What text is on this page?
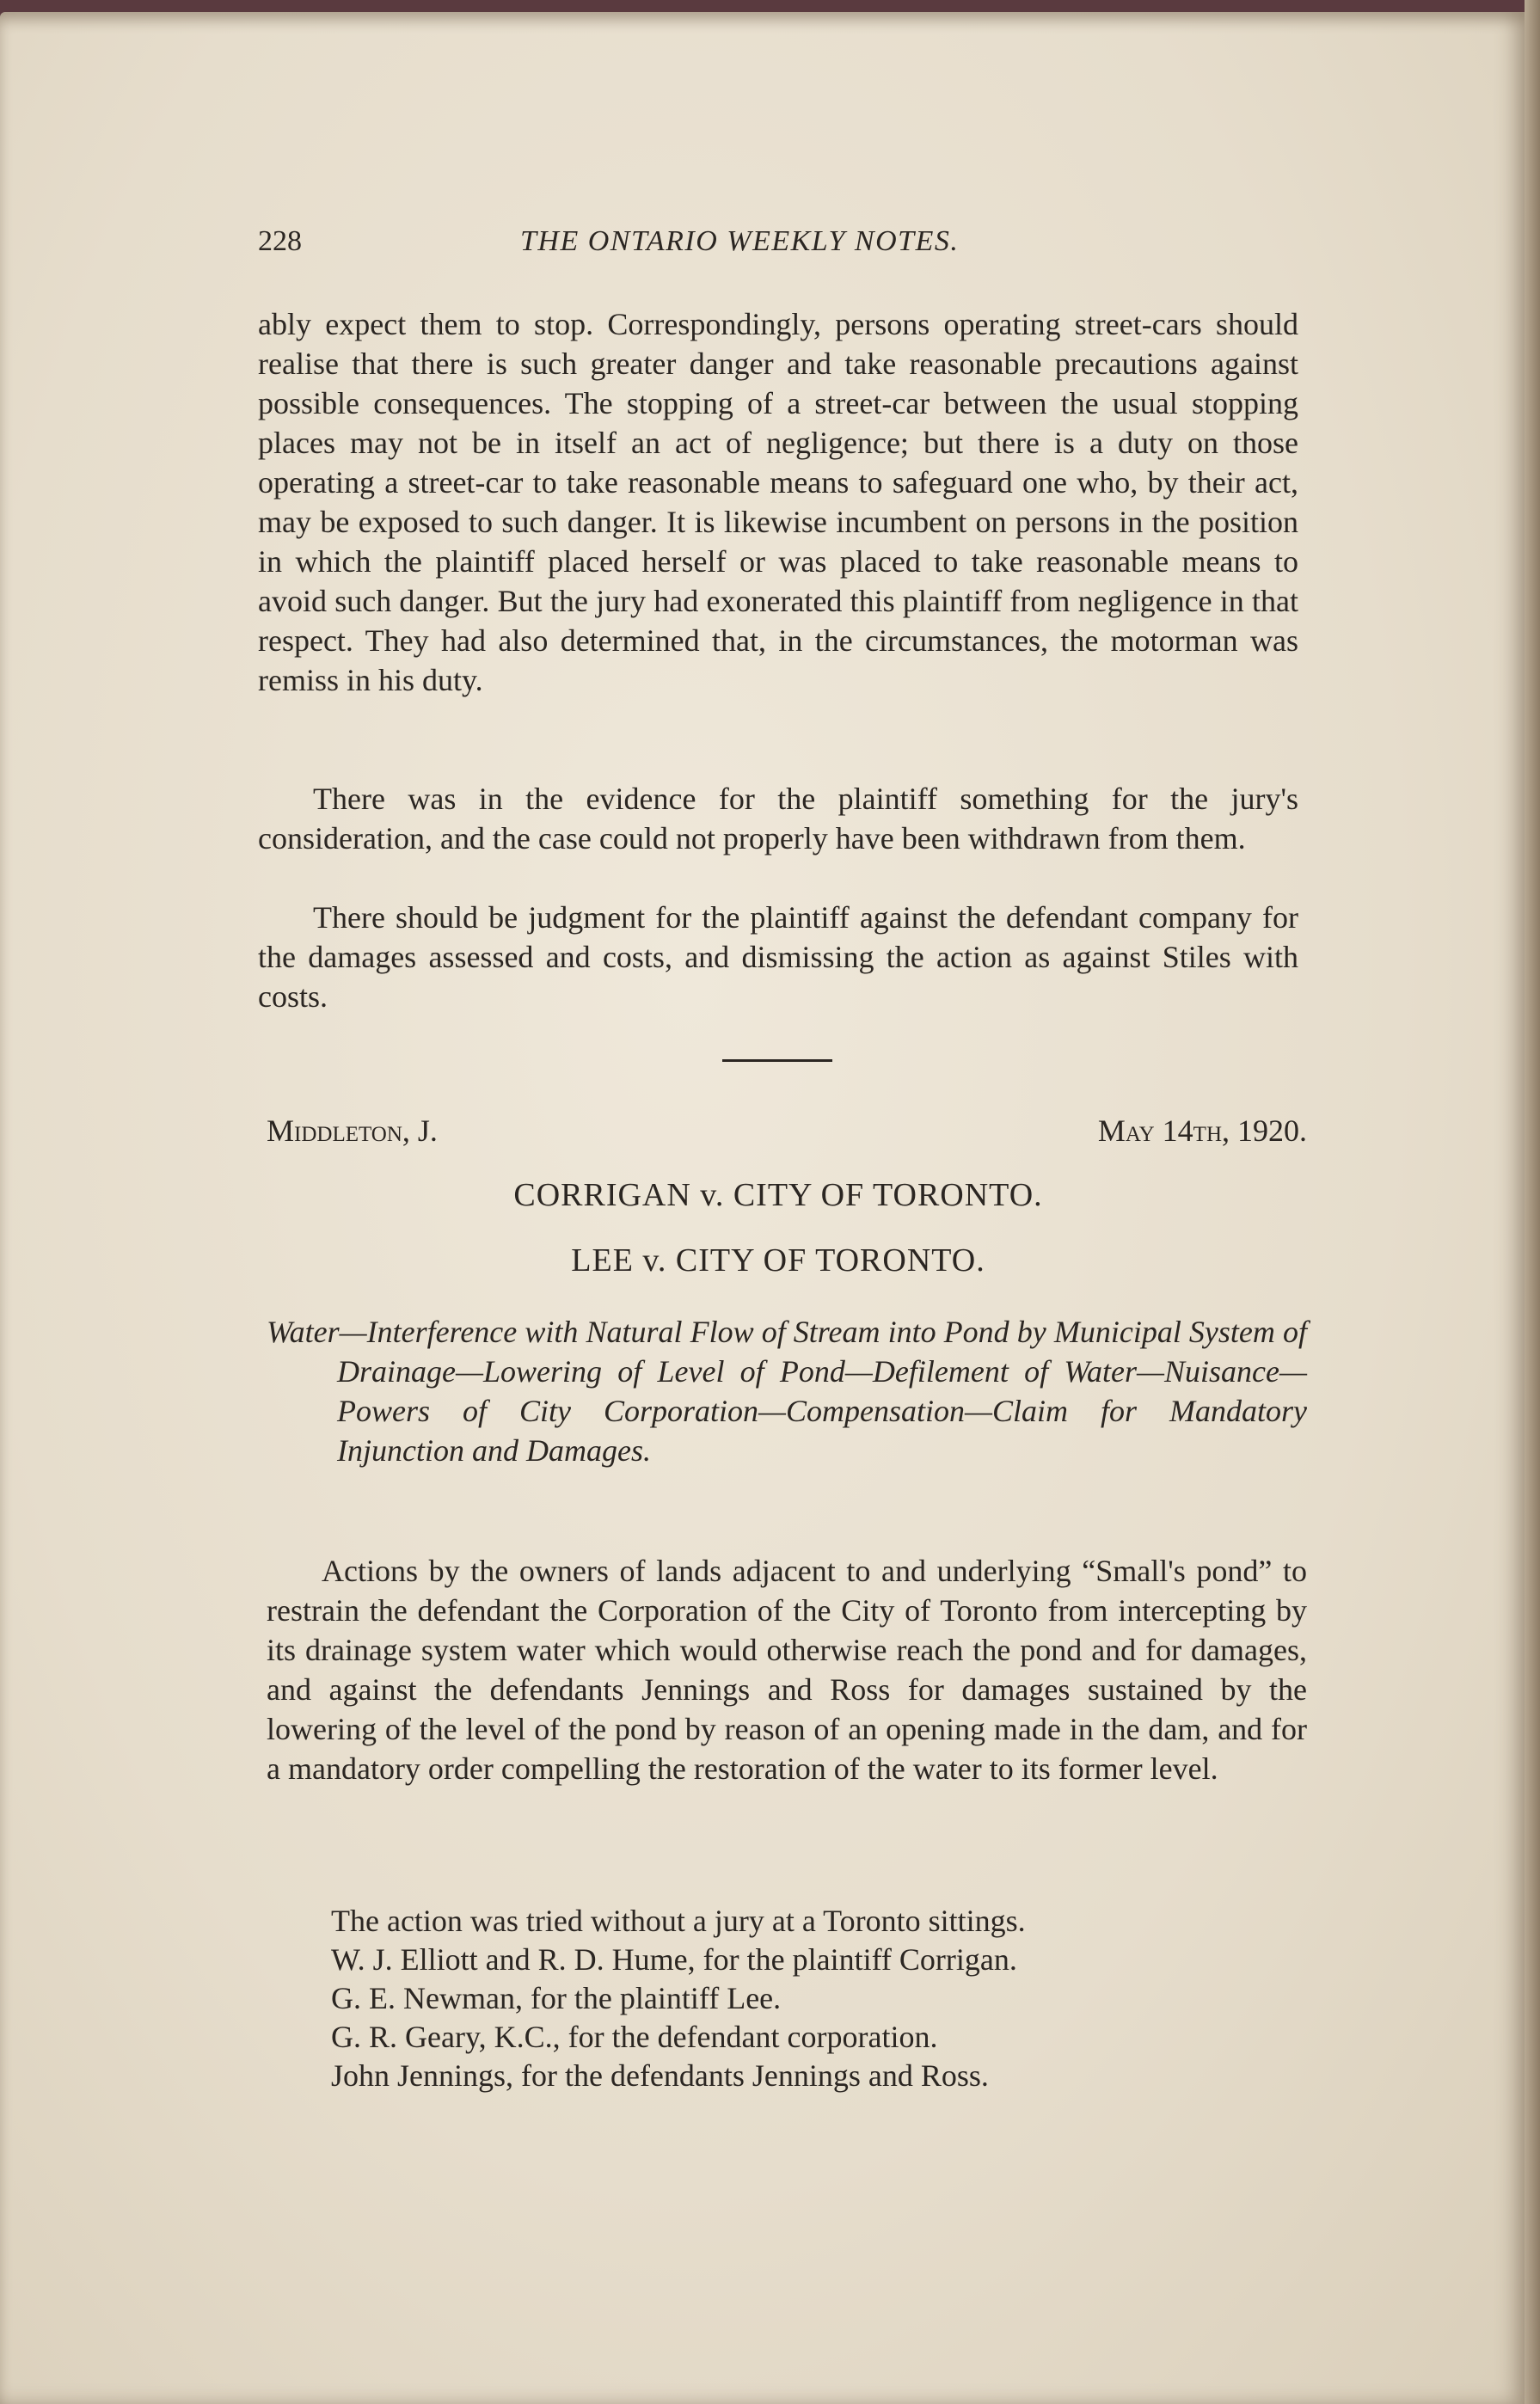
228	THE ONTARIO WEEKLY NOTES.

ably expect them to stop. Correspondingly, persons operating street-cars should realise that there is such greater danger and take reasonable precautions against possible consequences. The stopping of a street-car between the usual stopping places may not be in itself an act of negligence; but there is a duty on those operating a street-car to take reasonable means to safeguard one who, by their act, may be exposed to such danger. It is likewise incumbent on persons in the position in which the plaintiff placed herself or was placed to take reasonable means to avoid such danger. But the jury had exonerated this plaintiff from negligence in that respect. They had also determined that, in the circumstances, the motorman was remiss in his duty.

There was in the evidence for the plaintiff something for the jury's consideration, and the case could not properly have been withdrawn from them.

There should be judgment for the plaintiff against the defendant company for the damages assessed and costs, and dismissing the action as against Stiles with costs.

Middleton, J.	May 14th, 1920.
CORRIGAN v. CITY OF TORONTO.
LEE v. CITY OF TORONTO.

Water—Interference with Natural Flow of Stream into Pond by Municipal System of Drainage—Lowering of Level of Pond—Defilement of Water—Nuisance—Powers of City Corporation—Compensation—Claim for Mandatory Injunction and Damages.

Actions by the owners of lands adjacent to and underlying “Small's pond” to restrain the defendant the Corporation of the City of Toronto from intercepting by its drainage system water which would otherwise reach the pond and for damages, and against the defendants Jennings and Ross for damages sustained by the lowering of the level of the pond by reason of an opening made in the dam, and for a mandatory order compelling the restoration of the water to its former level.

The action was tried without a jury at a Toronto sittings.
W. J. Elliott and R. D. Hume, for the plaintiff Corrigan.
G. E. Newman, for the plaintiff Lee.
G. R. Geary, K.C., for the defendant corporation.
John Jennings, for the defendants Jennings and Ross.
